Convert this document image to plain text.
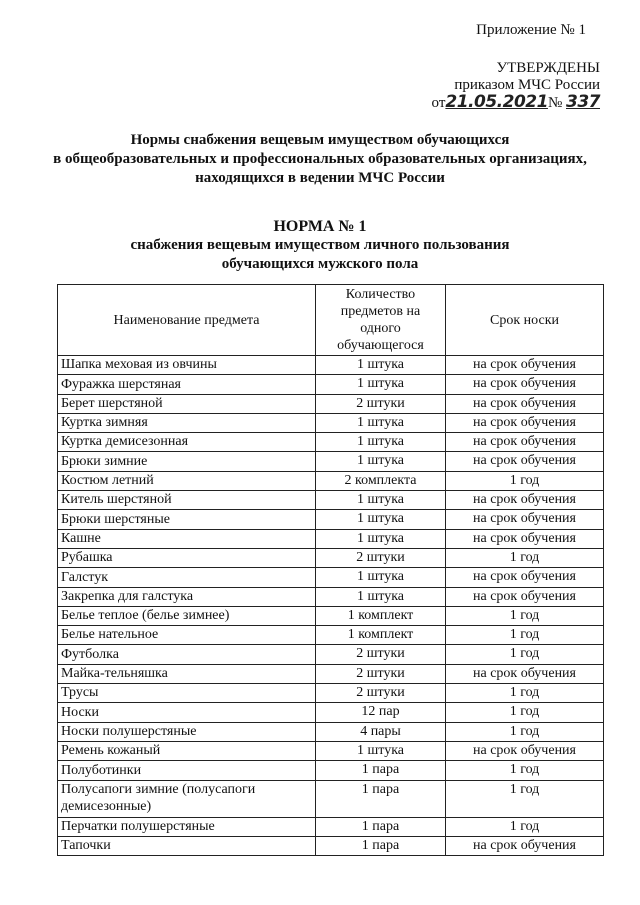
Приложение № 1
УТВЕРЖДЕНЫ
приказом МЧС России
от21.05.2021№ 337
Нормы снабжения вещевым имуществом обучающихся
в общеобразовательных и профессиональных образовательных организациях,
находящихся в ведении МЧС России
НОРМА № 1
снабжения вещевым имуществом личного пользования
обучающихся мужского пола
Наименование предмета	Количество предметов на одного обучающегося	Срок носки
Шапка меховая из овчины	1 штука	на срок обучения
Фуражка шерстяная	1 штука	на срок обучения
Берет шерстяной	2 штуки	на срок обучения
Куртка зимняя	1 штука	на срок обучения
Куртка демисезонная	1 штука	на срок обучения
Брюки зимние	1 штука	на срок обучения
Костюм летний	2 комплекта	1 год
Китель шерстяной	1 штука	на срок обучения
Брюки шерстяные	1 штука	на срок обучения
Кашне	1 штука	на срок обучения
Рубашка	2 штуки	1 год
Галстук	1 штука	на срок обучения
Закрепка для галстука	1 штука	на срок обучения
Белье теплое (белье зимнее)	1 комплект	1 год
Белье нательное	1 комплект	1 год
Футболка	2 штуки	1 год
Майка-тельняшка	2 штуки	на срок обучения
Трусы	2 штуки	1 год
Носки	12 пар	1 год
Носки полушерстяные	4 пары	1 год
Ремень кожаный	1 штука	на срок обучения
Полуботинки	1 пара	1 год
Полусапоги зимние (полусапоги демисезонные)	1 пара	1 год
Перчатки полушерстяные	1 пара	1 год
Тапочки	1 пара	на срок обучения
